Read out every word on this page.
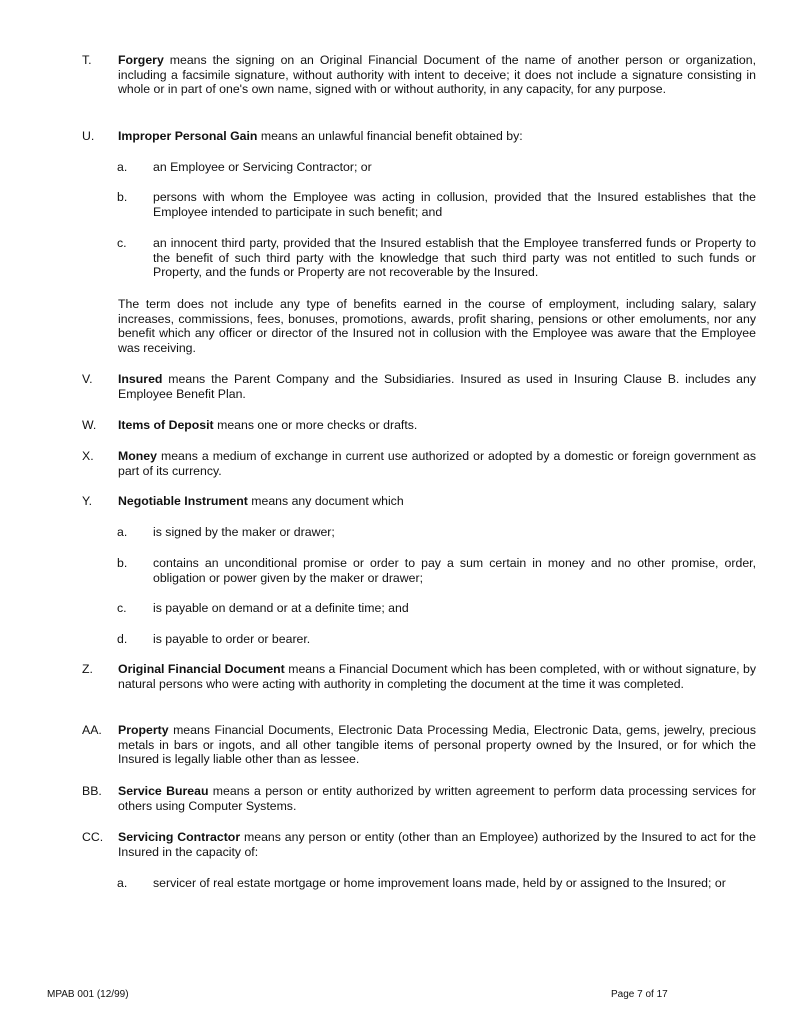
T. Forgery means the signing on an Original Financial Document of the name of another person or organization, including a facsimile signature, without authority with intent to deceive; it does not include a signature consisting in whole or in part of one's own name, signed with or without authority, in any capacity, for any purpose.
U. Improper Personal Gain means an unlawful financial benefit obtained by:
a. an Employee or Servicing Contractor; or
b. persons with whom the Employee was acting in collusion, provided that the Insured establishes that the Employee intended to participate in such benefit; and
c. an innocent third party, provided that the Insured establish that the Employee transferred funds or Property to the benefit of such third party with the knowledge that such third party was not entitled to such funds or Property, and the funds or Property are not recoverable by the Insured.
The term does not include any type of benefits earned in the course of employment, including salary, salary increases, commissions, fees, bonuses, promotions, awards, profit sharing, pensions or other emoluments, nor any benefit which any officer or director of the Insured not in collusion with the Employee was aware that the Employee was receiving.
V. Insured means the Parent Company and the Subsidiaries. Insured as used in Insuring Clause B. includes any Employee Benefit Plan.
W. Items of Deposit means one or more checks or drafts.
X. Money means a medium of exchange in current use authorized or adopted by a domestic or foreign government as part of its currency.
Y. Negotiable Instrument means any document which
a. is signed by the maker or drawer;
b. contains an unconditional promise or order to pay a sum certain in money and no other promise, order, obligation or power given by the maker or drawer;
c. is payable on demand or at a definite time; and
d. is payable to order or bearer.
Z. Original Financial Document means a Financial Document which has been completed, with or without signature, by natural persons who were acting with authority in completing the document at the time it was completed.
AA. Property means Financial Documents, Electronic Data Processing Media, Electronic Data, gems, jewelry, precious metals in bars or ingots, and all other tangible items of personal property owned by the Insured, or for which the Insured is legally liable other than as lessee.
BB. Service Bureau means a person or entity authorized by written agreement to perform data processing services for others using Computer Systems.
CC. Servicing Contractor means any person or entity (other than an Employee) authorized by the Insured to act for the Insured in the capacity of:
a. servicer of real estate mortgage or home improvement loans made, held by or assigned to the Insured; or
MPAB 001 (12/99)	Page 7 of 17
